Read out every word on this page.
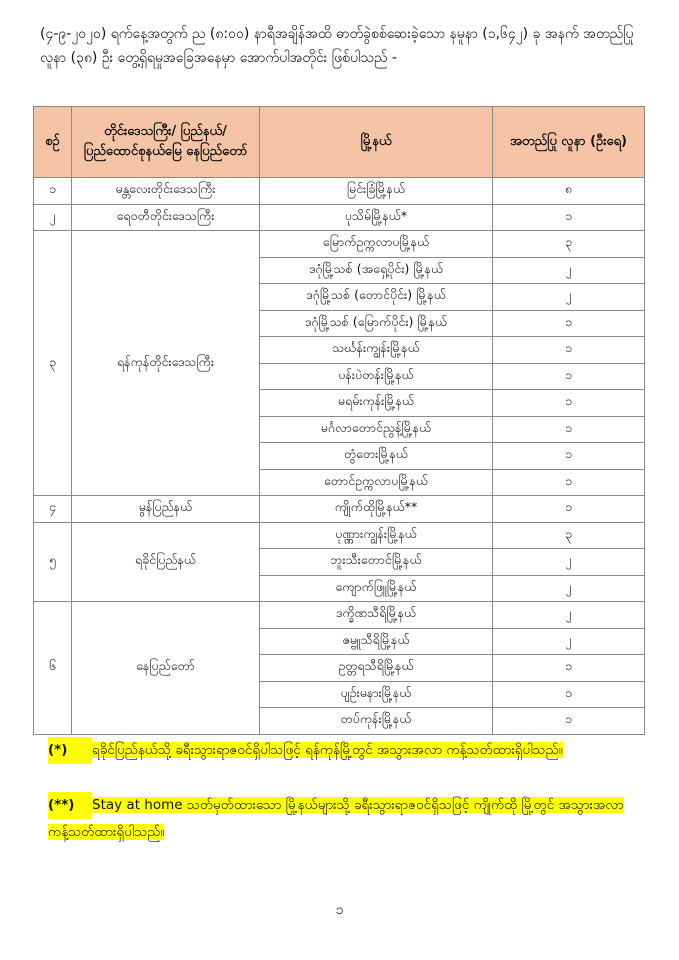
(၄-၉-၂၀၂၀) ရက်နေ့အတွက် ည (၈:၀၀) နာရီအချိန်အထိ ဓာတ်ခွဲစစ်ဆေးခဲ့သော နမူနာ (၁,၆၄၂) ခု အနက် အတည်ပြုလူနာ (၃၈) ဦး တွေ့ရှိရမှုအခြေအနေမှာ အောက်ပါအတိုင်း ဖြစ်ပါသည် -

စဉ်	တိုင်းဒေသကြီး/ ပြည်နယ်/ ပြည်ထောင်စုနယ်မြေ နေပြည်တော်	မြို့နယ်	အတည်ပြု လူနာ (ဦးရေ)
၁	မန္တလေးတိုင်းဒေသကြီး	မြင်းခြံမြို့နယ်	၈
၂	ရေဝတီတိုင်းဒေသကြီး	ပုသိမ်မြို့နယ်*	၁
၃	ရန်ကုန်တိုင်းဒေသကြီး	မြောက်ဥက္ကလာပမြို့နယ်	၃
		ဒဂုံမြို့သစ် (အရှေ့ပိုင်း) မြို့နယ်	၂
		ဒဂုံမြို့သစ် (တောင်ပိုင်း) မြို့နယ်	၂
		ဒဂုံမြို့သစ် (မြောက်ပိုင်း) မြို့နယ်	၁
		သင်္ဃန်းကျွန်းမြို့နယ်	၁
		ပန်းပဲတန်းမြို့နယ်	၁
		မရမ်းကုန်းမြို့နယ်	၁
		မင်္ဂလာတောင်ညွန့်မြို့နယ်	၁
		တွံတေးမြို့နယ်	၁
		တောင်ဥက္ကလာပမြို့နယ်	၁
၄	မွန်ပြည်နယ်	ကျိုက်ထိုမြို့နယ်**	၁
၅	ရခိုင်ပြည်နယ်	ပုဏ္ဏားကျွန်းမြို့နယ်	၃
		ဘူးသီးတောင်မြို့နယ်	၂
		ကျောက်ဖြူမြို့နယ်	၂
၆	နေပြည်တော်	ဒက္ခိဏသီရိမြို့နယ်	၂
		ဇမ္ဗူသီရိမြို့နယ်	၂
		ဥတ္တရသီရိမြို့နယ်	၁
		ပျဉ်းမနားမြို့နယ်	၁
		တပ်ကုန်းမြို့နယ်	၁
(*) ရခိုင်ပြည်နယ်သို့ ခရီးသွားရာဇဝင်ရှိပါသဖြင့် ရန်ကုန်မြို့တွင် အသွားအလာ ကန့်သတ်ထားရှိပါသည်။
(**) Stay at home သတ်မှတ်ထားသော မြို့နယ်များသို့ ခရီးသွားရာဇဝင်ရှိသဖြင့် ကျိုက်ထို မြို့တွင် အသွားအလာကန့်သတ်ထားရှိပါသည်။
၁
